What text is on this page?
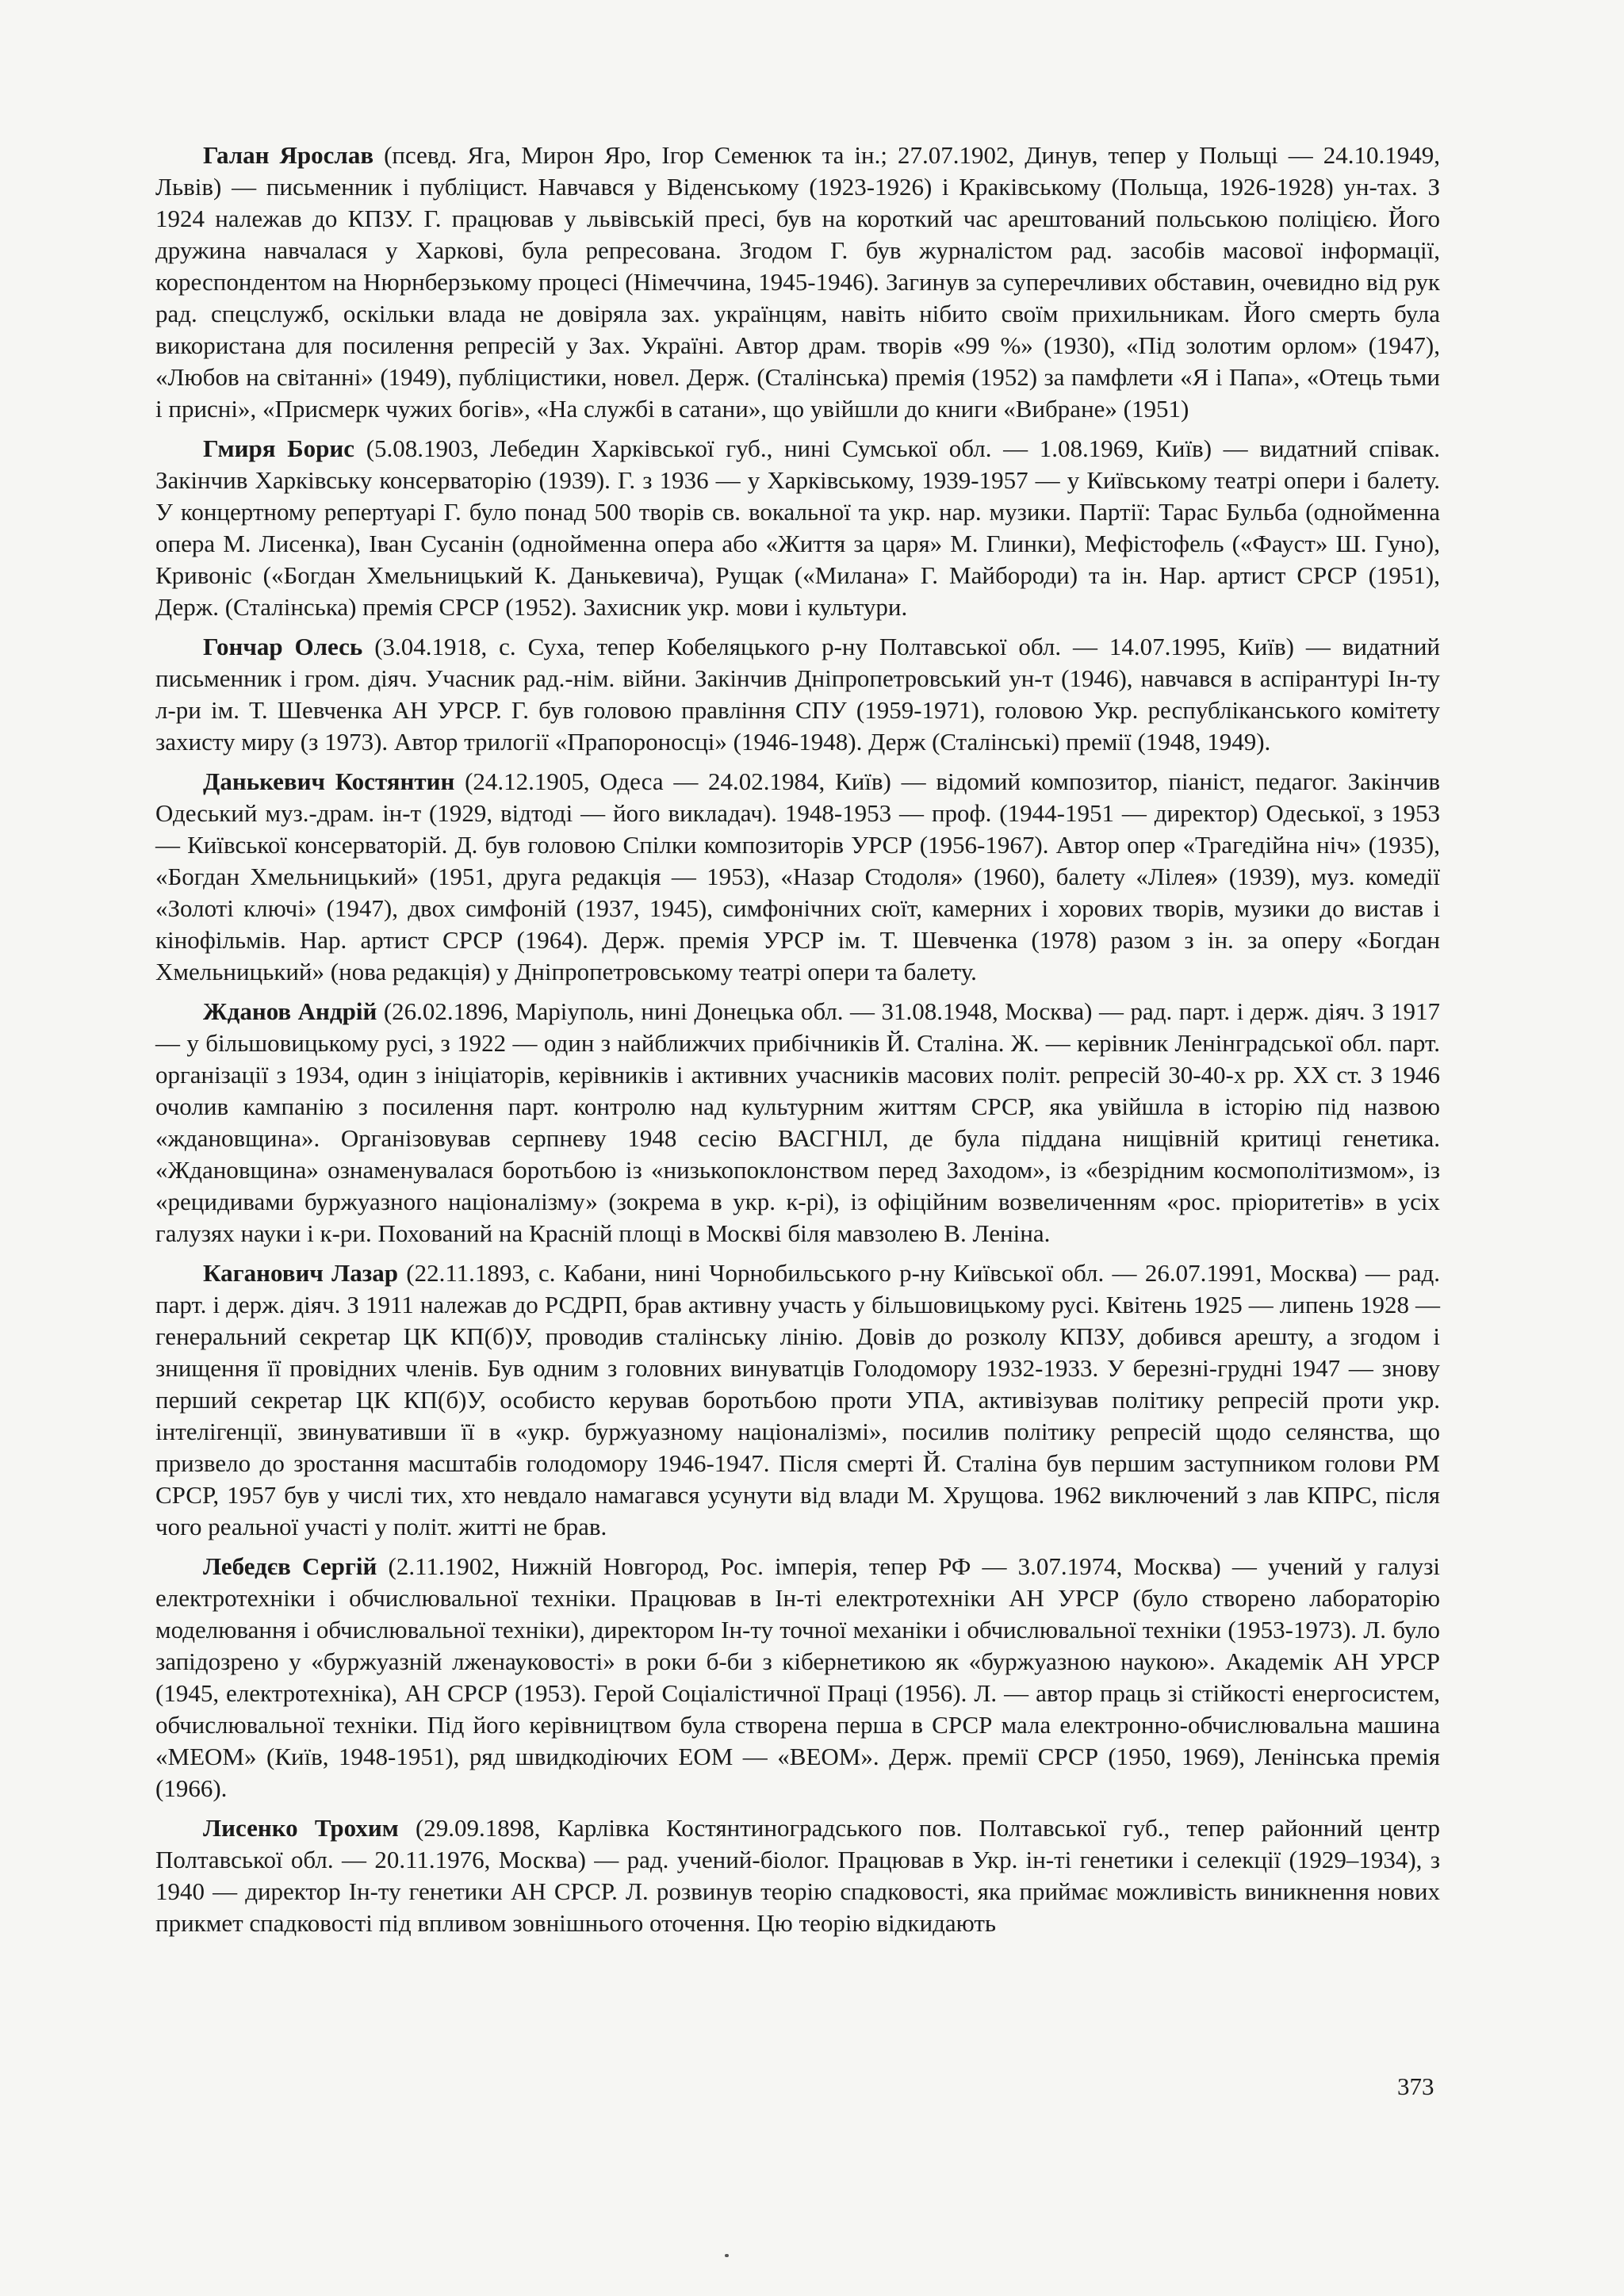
Галан Ярослав (псевд. Яга, Мирон Яро, Ігор Семенюк та ін.; 27.07.1902, Динув, тепер у Польщі — 24.10.1949, Львів) — письменник і публіцист. Навчався у Віденському (1923-1926) і Краківському (Польща, 1926-1928) ун-тах. З 1924 належав до КПЗУ. Г. працював у львівській пресі, був на короткий час арештований польською поліцією. Його дружина навчалася у Харкові, була репресована. Згодом Г. був журналістом рад. засобів масової інформації, кореспондентом на Нюрнберзькому процесі (Німеччина, 1945-1946). Загинув за суперечливих обставин, очевидно від рук рад. спецслужб, оскільки влада не довіряла зах. українцям, навіть нібито своїм прихильникам. Його смерть була використана для посилення репресій у Зах. Україні. Автор драм. творів «99 %» (1930), «Під золотим орлом» (1947), «Любов на світанні» (1949), публіцистики, новел. Держ. (Сталінська) премія (1952) за памфлети «Я і Папа», «Отець тьми і присні», «Присмерк чужих богів», «На службі в сатани», що увійшли до книги «Вибране» (1951)

Гмиря Борис (5.08.1903, Лебедин Харківської губ., нині Сумської обл. — 1.08.1969, Київ) — видатний співак. Закінчив Харківську консерваторію (1939). Г. з 1936 — у Харківському, 1939-1957 — у Київському театрі опери і балету. У концертному репертуарі Г. було понад 500 творів св. вокальної та укр. нар. музики. Партії: Тарас Бульба (однойменна опера М. Лисенка), Іван Сусанін (однойменна опера або «Життя за царя» М. Глинки), Мефістофель («Фауст» Ш. Гуно), Кривоніс («Богдан Хмельницький К. Данькевича), Рущак («Милана» Г. Майбороди) та ін. Нар. артист СРСР (1951), Держ. (Сталінська) премія СРСР (1952). Захисник укр. мови і культури.

Гончар Олесь (3.04.1918, с. Суха, тепер Кобеляцького р-ну Полтавської обл. — 14.07.1995, Київ) — видатний письменник і гром. діяч. Учасник рад.-нім. війни. Закінчив Дніпропетровський ун-т (1946), навчався в аспірантурі Ін-ту л-ри ім. Т. Шевченка АН УРСР. Г. був головою правління СПУ (1959-1971), головою Укр. республіканського комітету захисту миру (з 1973). Автор трилогії «Прапороносці» (1946-1948). Держ (Сталінські) премії (1948, 1949).

Данькевич Костянтин (24.12.1905, Одеса — 24.02.1984, Київ) — відомий композитор, піаніст, педагог. Закінчив Одеський муз.-драм. ін-т (1929, відтоді — його викладач). 1948-1953 — проф. (1944-1951 — директор) Одеської, з 1953 — Київської консерваторій. Д. був головою Спілки композиторів УРСР (1956-1967). Автор опер «Трагедійна ніч» (1935), «Богдан Хмельницький» (1951, друга редакція — 1953), «Назар Стодоля» (1960), балету «Лілея» (1939), муз. комедії «Золоті ключі» (1947), двох симфоній (1937, 1945), симфонічних сюїт, камерних і хорових творів, музики до вистав і кінофільмів. Нар. артист СРСР (1964). Держ. премія УРСР ім. Т. Шевченка (1978) разом з ін. за оперу «Богдан Хмельницький» (нова редакція) у Дніпропетровському театрі опери та балету.

Жданов Андрій (26.02.1896, Маріуполь, нині Донецька обл. — 31.08.1948, Москва) — рад. парт. і держ. діяч. З 1917 — у більшовицькому русі, з 1922 — один з найближчих прибічників Й. Сталіна. Ж. — керівник Ленінградської обл. парт. організації з 1934, один з ініціаторів, керівників і активних учасників масових політ. репресій 30-40-х рр. XX ст. З 1946 очолив кампанію з посилення парт. контролю над культурним життям СРСР, яка увійшла в історію під назвою «ждановщина». Організовував серпневу 1948 сесію ВАСГНІЛ, де була піддана нищівній критиці генетика. «Ждановщина» ознаменувалася боротьбою із «низькопоклонством перед Заходом», із «безрідним космополітизмом», із «рецидивами буржуазного націоналізму» (зокрема в укр. к-рі), із офіційним возвеличенням «рос. пріоритетів» в усіх галузях науки і к-ри. Похований на Красній площі в Москві біля мавзолею В. Леніна.

Каганович Лазар (22.11.1893, с. Кабани, нині Чорнобильського р-ну Київської обл. — 26.07.1991, Москва) — рад. парт. і держ. діяч. З 1911 належав до РСДРП, брав активну участь у більшовицькому русі. Квітень 1925 — липень 1928 — генеральний секретар ЦК КП(б)У, проводив сталінську лінію. Довів до розколу КПЗУ, добився арешту, а згодом і знищення її провідних членів. Був одним з головних винуватців Голодомору 1932-1933. У березні-грудні 1947 — знову перший секретар ЦК КП(б)У, особисто керував боротьбою проти УПА, активізував політику репресій проти укр. інтелігенції, звинувативши її в «укр. буржуазному націоналізмі», посилив політику репресій щодо селянства, що призвело до зростання масштабів голодомору 1946-1947. Після смерті Й. Сталіна був першим заступником голови РМ СРСР, 1957 був у числі тих, хто невдало намагався усунути від влади М. Хрущова. 1962 виключений з лав КПРС, після чого реальної участі у політ. житті не брав.

Лебедєв Сергій (2.11.1902, Нижній Новгород, Рос. імперія, тепер РФ — 3.07.1974, Москва) — учений у галузі електротехніки і обчислювальної техніки. Працював в Ін-ті електротехніки АН УРСР (було створено лабораторію моделювання і обчислювальної техніки), директором Ін-ту точної механіки і обчислювальної техніки (1953-1973). Л. було запідозрено у «буржуазній лженауковості» в роки б-би з кібернетикою як «буржуазною наукою». Академік АН УРСР (1945, електротехніка), АН СРСР (1953). Герой Соціалістичної Праці (1956). Л. — автор праць зі стійкості енергосистем, обчислювальної техніки. Під його керівництвом була створена перша в СРСР мала електронно-обчислювальна машина «МЕОМ» (Київ, 1948-1951), ряд швидкодіючих ЕОМ — «ВЕОМ». Держ. премії СРСР (1950, 1969), Ленінська премія (1966).

Лисенко Трохим (29.09.1898, Карлівка Костянтиноградського пов. Полтавської губ., тепер районний центр Полтавської обл. — 20.11.1976, Москва) — рад. учений-біолог. Працював в Укр. ін-ті генетики і селекції (1929–1934), з 1940 — директор Ін-ту генетики АН СРСР. Л. розвинув теорію спадковості, яка приймає можливість виникнення нових прикмет спадковості під впливом зовнішнього оточення. Цю теорію відкидають

373
